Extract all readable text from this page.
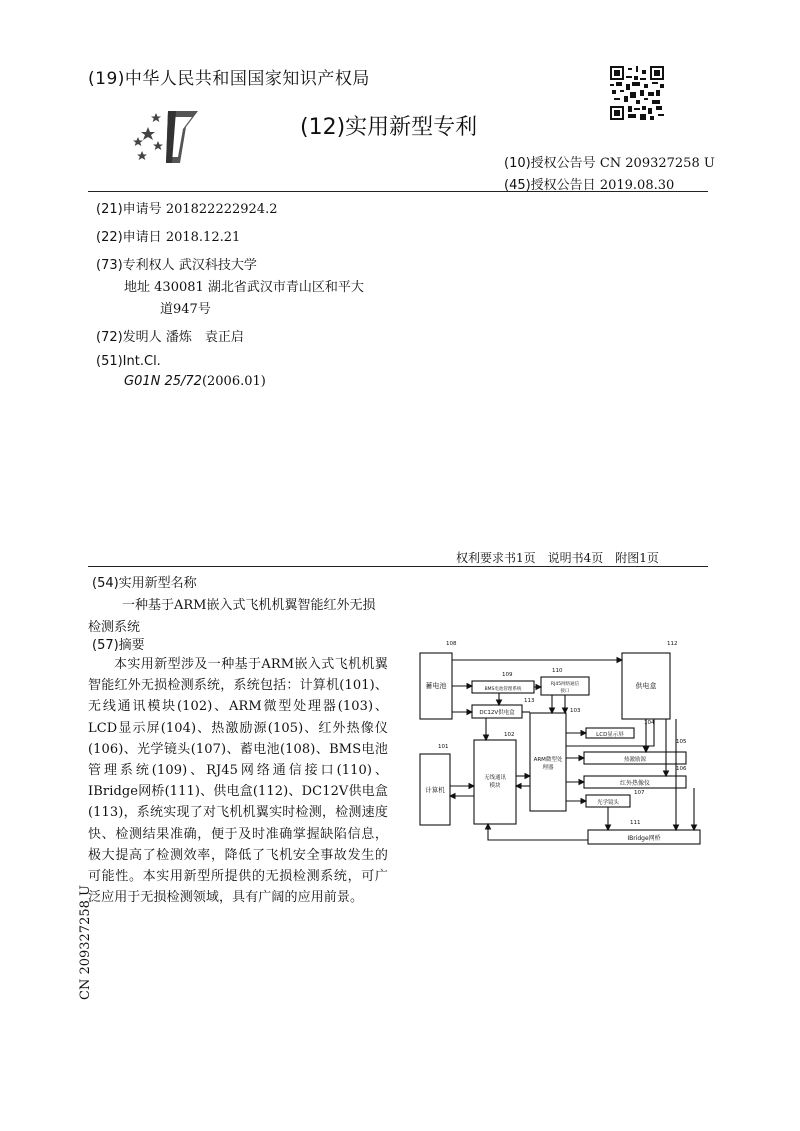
(19)中华人民共和国国家知识产权局
(12)实用新型专利
(10)授权公告号 CN 209327258 U
(45)授权公告日 2019.08.30
(21)申请号 201822222924.2
(22)申请日 2018.12.21
(73)专利权人 武汉科技大学
地址 430081 湖北省武汉市青山区和平大
道947号
(72)发明人 潘炼　袁正启
(51)Int.Cl.
G01N 25/72(2006.01)
权利要求书1页　说明书4页　附图1页
(54)实用新型名称
一种基于ARM嵌入式飞机机翼智能红外无损
检测系统
(57)摘要

本实用新型涉及一种基于ARM嵌入式飞机机翼智能红外无损检测系统，系统包括：计算机(101)、无线通讯模块(102)、ARM微型处理器(103)、LCD显示屏(104)、热激励源(105)、红外热像仪(106)、光学镜头(107)、蓄电池(108)、BMS电池管理系统(109)、RJ45网络通信接口(110)、IBridge网桥(111)、供电盒(112)、DC12V供电盒(113)，系统实现了对飞机机翼实时检测，检测速度快、检测结果准确，便于及时准确掌握缺陷信息，极大提高了检测效率，降低了飞机安全事故发生的可能性。本实用新型所提供的无损检测系统，可广泛应用于无损检测领域，具有广阔的应用前景。

CN 209327258 U
蓄电池	BMS电池管理系统
RJ45网络通信
接口
DC12V供电盒
供电盒
计算机
无线通讯
模块
ARM微型处
理器
LCD显示屏
热激励源
红外热像仪
光学镜头
IBridge网桥
108
109
110
113
103
112
101
102
104
105
106
107
111
